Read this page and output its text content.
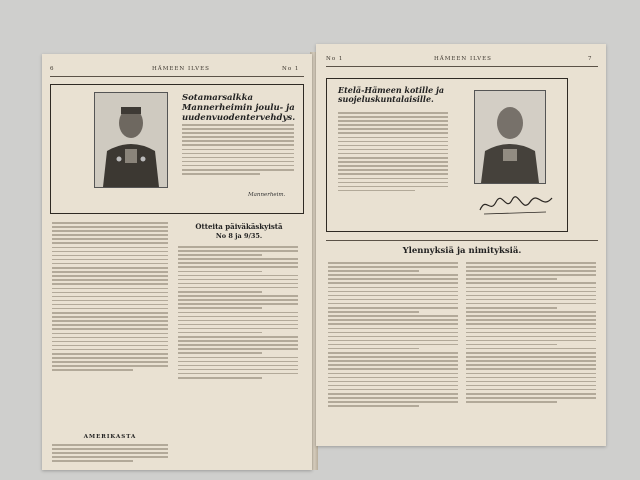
6	HÄMEEN ILVES	No 1
Sotamarsalkka Mannerheimin joulu- ja uudenvuodentervehdys.
Mannerheim.
Otteita päiväkäskyistä
No 8 ja 9/35.
AMERIKASTA
No 1	HÄMEEN ILVES	7
Etelä-Hämeen kotille ja suojeluskuntalaisille.
Ylennyksiä ja nimityksiä.
